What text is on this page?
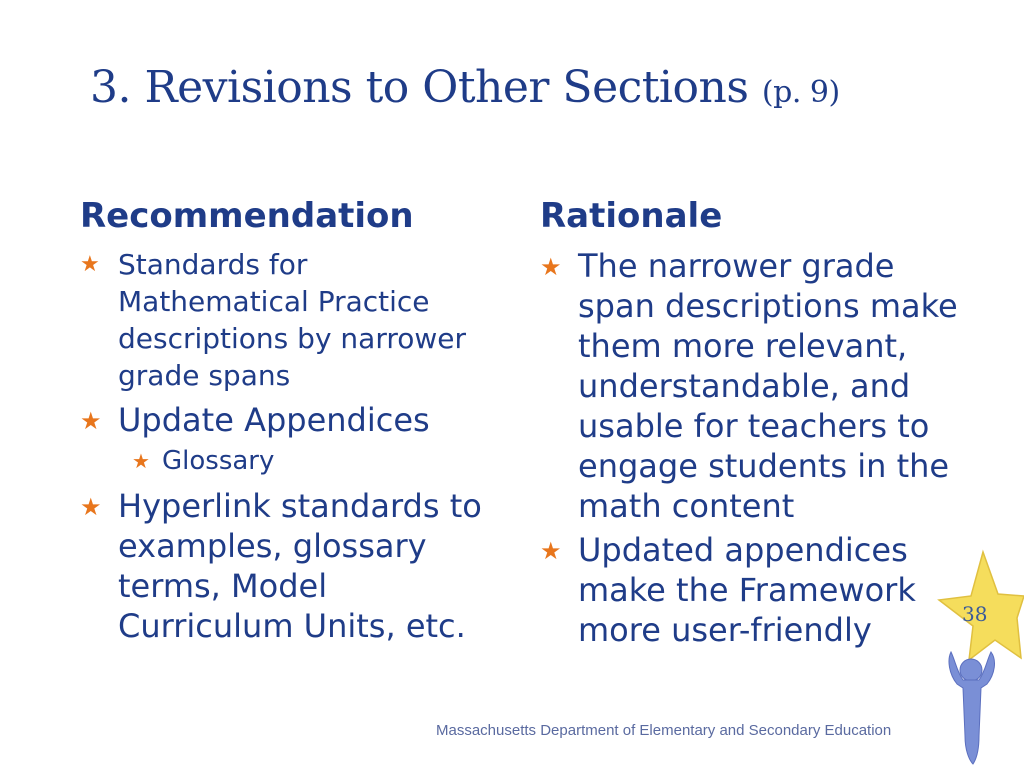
3. Revisions to Other Sections (p. 9)
Recommendation
★ Standards for Mathematical Practice descriptions by narrower grade spans
★ Update Appendices
★ Glossary
★ Hyperlink standards to examples, glossary terms, Model Curriculum Units, etc.
Rationale
★ The narrower grade span descriptions make them more relevant, understandable, and usable for teachers to engage students in the math content
★ Updated appendices make the Framework more user-friendly	38
Massachusetts Department of Elementary and Secondary Education
